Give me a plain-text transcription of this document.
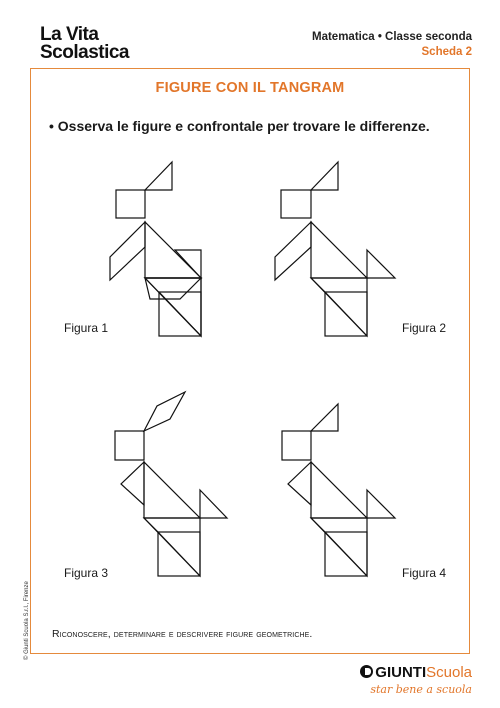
La Vita
Scolastica
Matematica • Classe seconda
Scheda 2
FIGURE CON IL TANGRAM
• Osserva le figure e confrontale per trovare le differenze.
Figura 1	Figura 2
Figura 3	Figura 4
Riconoscere, determinare e descrivere figure geometriche.
© Giunti Scuola S.r.l., Firenze
GIUNTIScuola
star bene a scuola
